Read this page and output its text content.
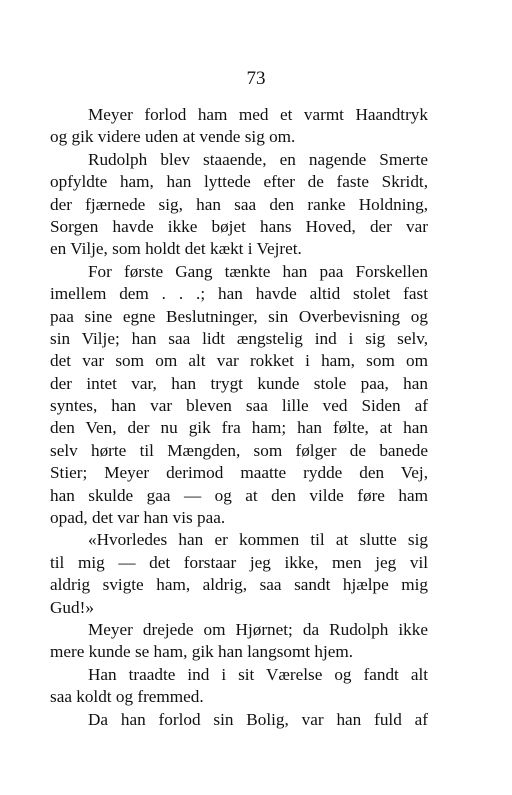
73
Meyer forlod ham med et varmt Haandtryk
og gik videre uden at vende sig om.
Rudolph blev staaende, en nagende Smerte
opfyldte ham, han lyttede efter de faste Skridt,
der fjærnede sig, han saa den ranke Holdning,
Sorgen havde ikke bøjet hans Hoved, der var
en Vilje, som holdt det kækt i Vejret.
For første Gang tænkte han paa Forskellen
imellem dem . . .; han havde altid stolet fast
paa sine egne Beslutninger, sin Overbevisning og
sin Vilje; han saa lidt ængstelig ind i sig selv,
det var som om alt var rokket i ham, som om
der intet var, han trygt kunde stole paa, han
syntes, han var bleven saa lille ved Siden af
den Ven, der nu gik fra ham; han følte, at han
selv hørte til Mængden, som følger de banede
Stier; Meyer derimod maatte rydde den Vej,
han skulde gaa — og at den vilde føre ham
opad, det var han vis paa.
«Hvorledes han er kommen til at slutte sig
til mig — det forstaar jeg ikke, men jeg vil
aldrig svigte ham, aldrig, saa sandt hjælpe mig
Gud!»
Meyer drejede om Hjørnet; da Rudolph ikke
mere kunde se ham, gik han langsomt hjem.
Han traadte ind i sit Værelse og fandt alt
saa koldt og fremmed.
Da han forlod sin Bolig, var han fuld af
